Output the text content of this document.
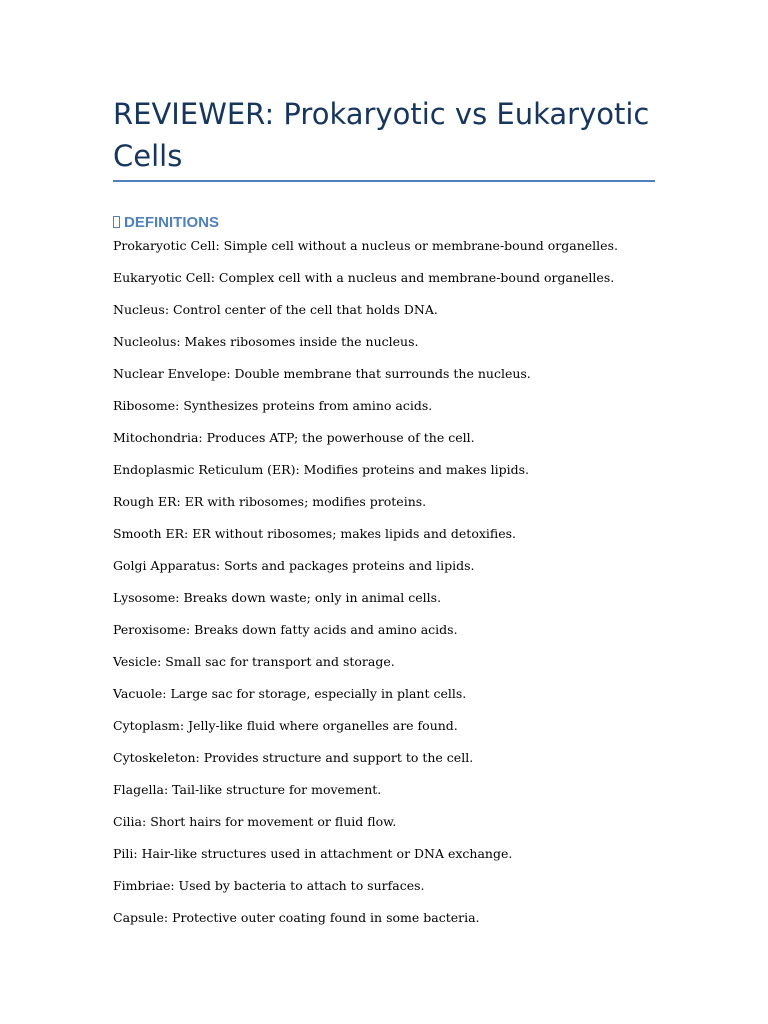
REVIEWER: Prokaryotic vs Eukaryotic Cells
DEFINITIONS
Prokaryotic Cell: Simple cell without a nucleus or membrane-bound organelles.
Eukaryotic Cell: Complex cell with a nucleus and membrane-bound organelles.
Nucleus: Control center of the cell that holds DNA.
Nucleolus: Makes ribosomes inside the nucleus.
Nuclear Envelope: Double membrane that surrounds the nucleus.
Ribosome: Synthesizes proteins from amino acids.
Mitochondria: Produces ATP; the powerhouse of the cell.
Endoplasmic Reticulum (ER): Modifies proteins and makes lipids.
Rough ER: ER with ribosomes; modifies proteins.
Smooth ER: ER without ribosomes; makes lipids and detoxifies.
Golgi Apparatus: Sorts and packages proteins and lipids.
Lysosome: Breaks down waste; only in animal cells.
Peroxisome: Breaks down fatty acids and amino acids.
Vesicle: Small sac for transport and storage.
Vacuole: Large sac for storage, especially in plant cells.
Cytoplasm: Jelly-like fluid where organelles are found.
Cytoskeleton: Provides structure and support to the cell.
Flagella: Tail-like structure for movement.
Cilia: Short hairs for movement or fluid flow.
Pili: Hair-like structures used in attachment or DNA exchange.
Fimbriae: Used by bacteria to attach to surfaces.
Capsule: Protective outer coating found in some bacteria.
